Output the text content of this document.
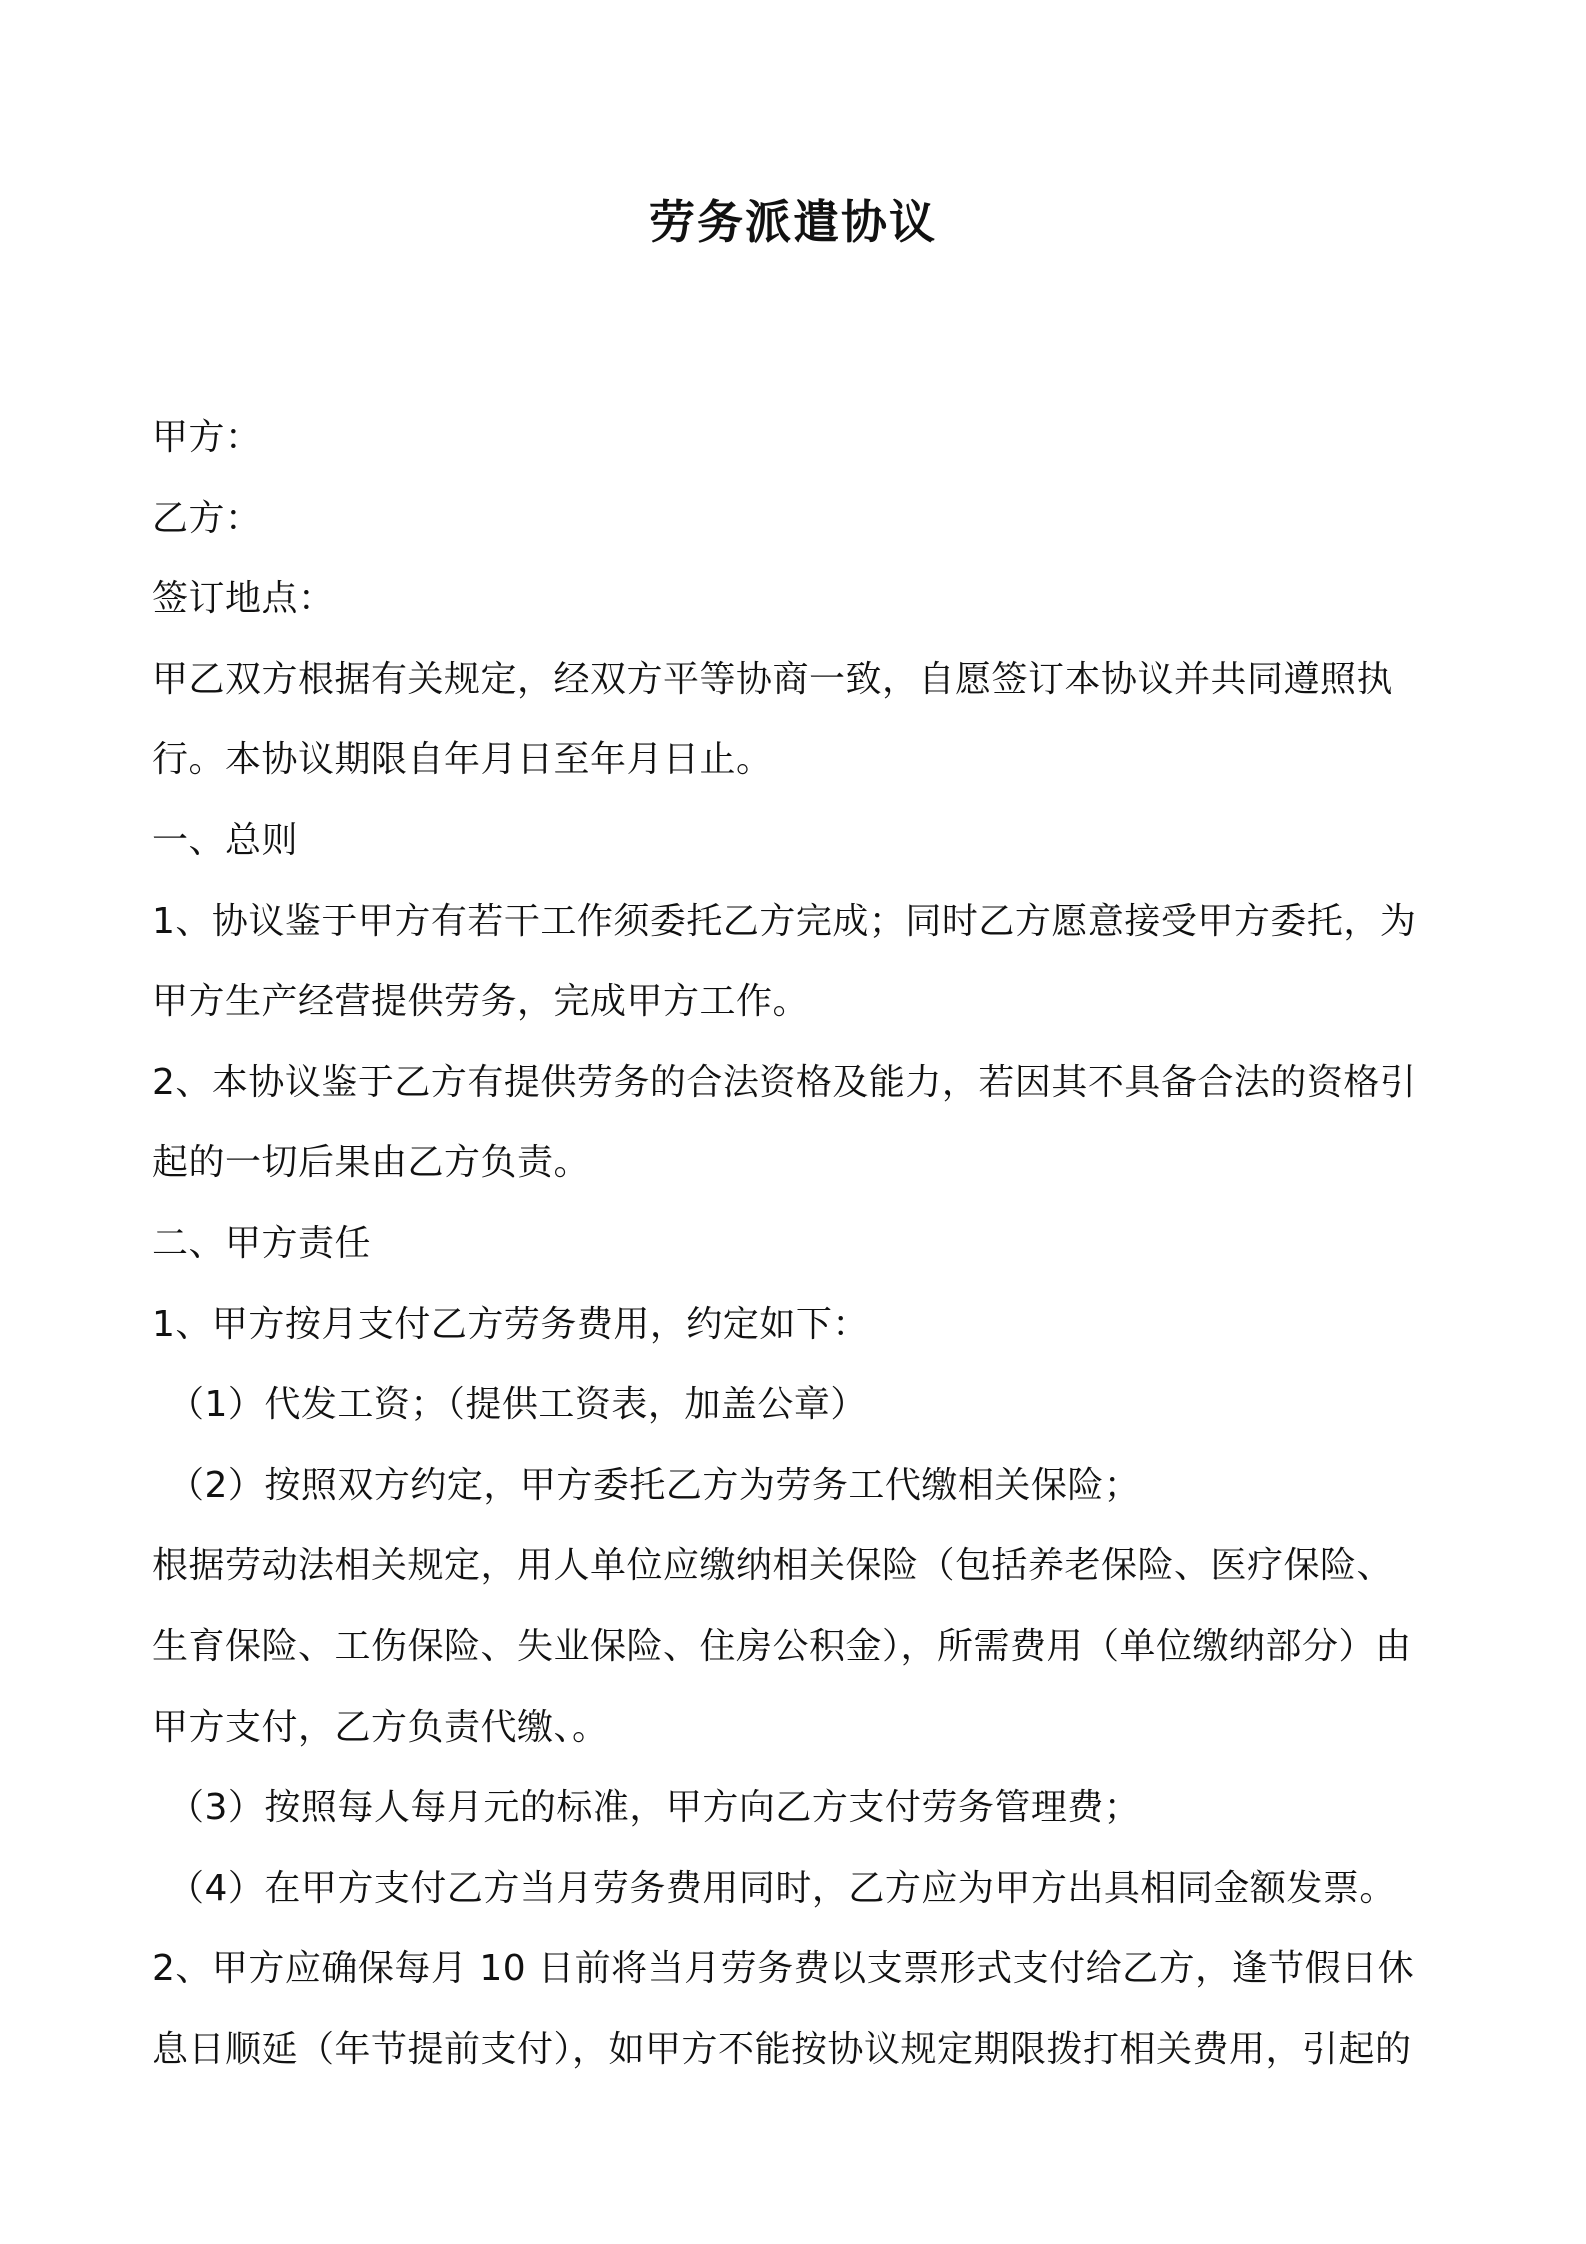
劳务派遣协议
甲方：
乙方：
签订地点：
甲乙双方根据有关规定，经双方平等协商一致，自愿签订本协议并共同遵照执
行。本协议期限自年月日至年月日止。
一、总则
1、协议鉴于甲方有若干工作须委托乙方完成；同时乙方愿意接受甲方委托，为
甲方生产经营提供劳务，完成甲方工作。
2、本协议鉴于乙方有提供劳务的合法资格及能力，若因其不具备合法的资格引
起的一切后果由乙方负责。
二、甲方责任
1、甲方按月支付乙方劳务费用，约定如下：
（1）代发工资；（提供工资表，加盖公章）
（2）按照双方约定，甲方委托乙方为劳务工代缴相关保险；
根据劳动法相关规定，用人单位应缴纳相关保险（包括养老保险、医疗保险、
生育保险、工伤保险、失业保险、住房公积金），所需费用（单位缴纳部分）由
甲方支付，乙方负责代缴、。
（3）按照每人每月元的标准，甲方向乙方支付劳务管理费；
（4）在甲方支付乙方当月劳务费用同时，乙方应为甲方出具相同金额发票。
2、甲方应确保每月 10 日前将当月劳务费以支票形式支付给乙方，逢节假日休
息日顺延（年节提前支付），如甲方不能按协议规定期限拨打相关费用，引起的
